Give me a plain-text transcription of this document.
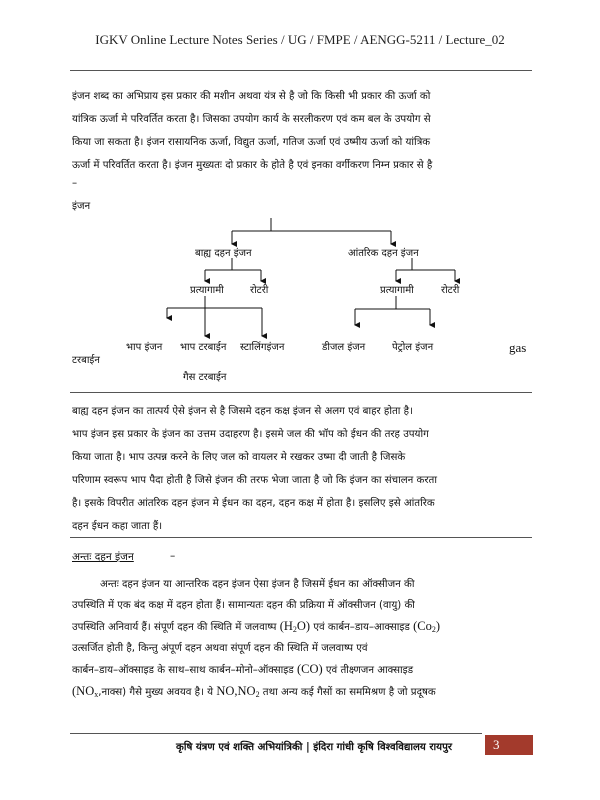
IGKV Online Lecture Notes Series / UG / FMPE / AENGG-5211 / Lecture_02

इंजन शब्द का अभिप्राय इस प्रकार की मशीन अथवा यंत्र से है जो कि किसी भी प्रकार की ऊर्जा को

यांत्रिक ऊर्जा मे परिवर्तित करता है। जिसका उपयोग कार्य के सरलीकरण एवं कम बल के उपयोग से

किया जा सकता है। इंजन रासायनिक ऊर्जा, विद्युत ऊर्जा, गतिज ऊर्जा एवं उष्मीय ऊर्जा को यांत्रिक

ऊर्जा में परिवर्तित करता है। इंजन मुख्यतः दो प्रकार के होते है एवं इनका वर्गीकरण निम्न प्रकार से है

–

इंजन

बाह्य दहन इंजन	आंतरिक दहन इंजन
प्रत्यागामी	रोटरी	प्रत्यागामी	रोटरी
भाप इंजन भाप टरबाईन स्टालिंगइंजन	डीजल इंजन	पेट्रोल इंजन	gas
टरबाईन
गैस टरबाईन

बाह्य दहन इंजन का तात्पर्य ऐसे इंजन से है जिसमे दहन कक्ष इंजन से अलग एवं बाहर होता है।

भाप इंजन इस प्रकार के इंजन का उत्तम उदाहरण है। इसमे जल की भॉप को ईधन की तरह उपयोग

किया जाता है। भाप उत्पन्न करने के लिए जल को वायलर मे रखकर उष्मा दी जाती है जिसके

परिणाम स्वरूप भाप पैदा होती है जिसे इंजन की तरफ भेजा जाता है जो कि इंजन का संचालन करता

है। इसके विपरीत आंतरिक दहन इंजन मे ईधन का दहन, दहन कक्ष में होता है। इसलिए इसे आंतरिक

दहन ईधन कहा जाता हैं।

अन्तः दहन इंजन	–

अन्तः दहन इंजन या आन्तरिक दहन इंजन ऐसा इंजन है जिसमें ईधन का ऑक्सीजन की

उपस्थिति में एक बंद कक्ष में दहन होता हैं। सामान्यतः दहन की प्रक्रिया में ऑक्सीजन (वायु) की

उपस्थिति अनिवार्य हैं। संपूर्ण दहन की स्थिति में जलवाष्प $(H_2O)$ एवं कार्बन–डाय–आक्साइड $(Co_2)$

उत्सर्जित होती है, किन्तु अंपूर्ण दहन अथवा संपूर्ण दहन की स्थिति में जलवाष्प एवं

कार्बन–डाय–ऑक्साइड के साथ–साथ कार्बन–मोनो–ऑक्साइड (CO) एवं तीक्ष्णजन आक्साइड

$(NO_x,नाक्स)$ गैसे मुख्य अवयव है। ये $NO,NO_2$ तथा अन्य कई गैसों का सममिश्रण है जो प्रदूषक

कृषि यंत्रण एवं शक्ति अभियांत्रिकी | इंदिरा गांधी कृषि विश्वविद्यालय रायपुर	3
